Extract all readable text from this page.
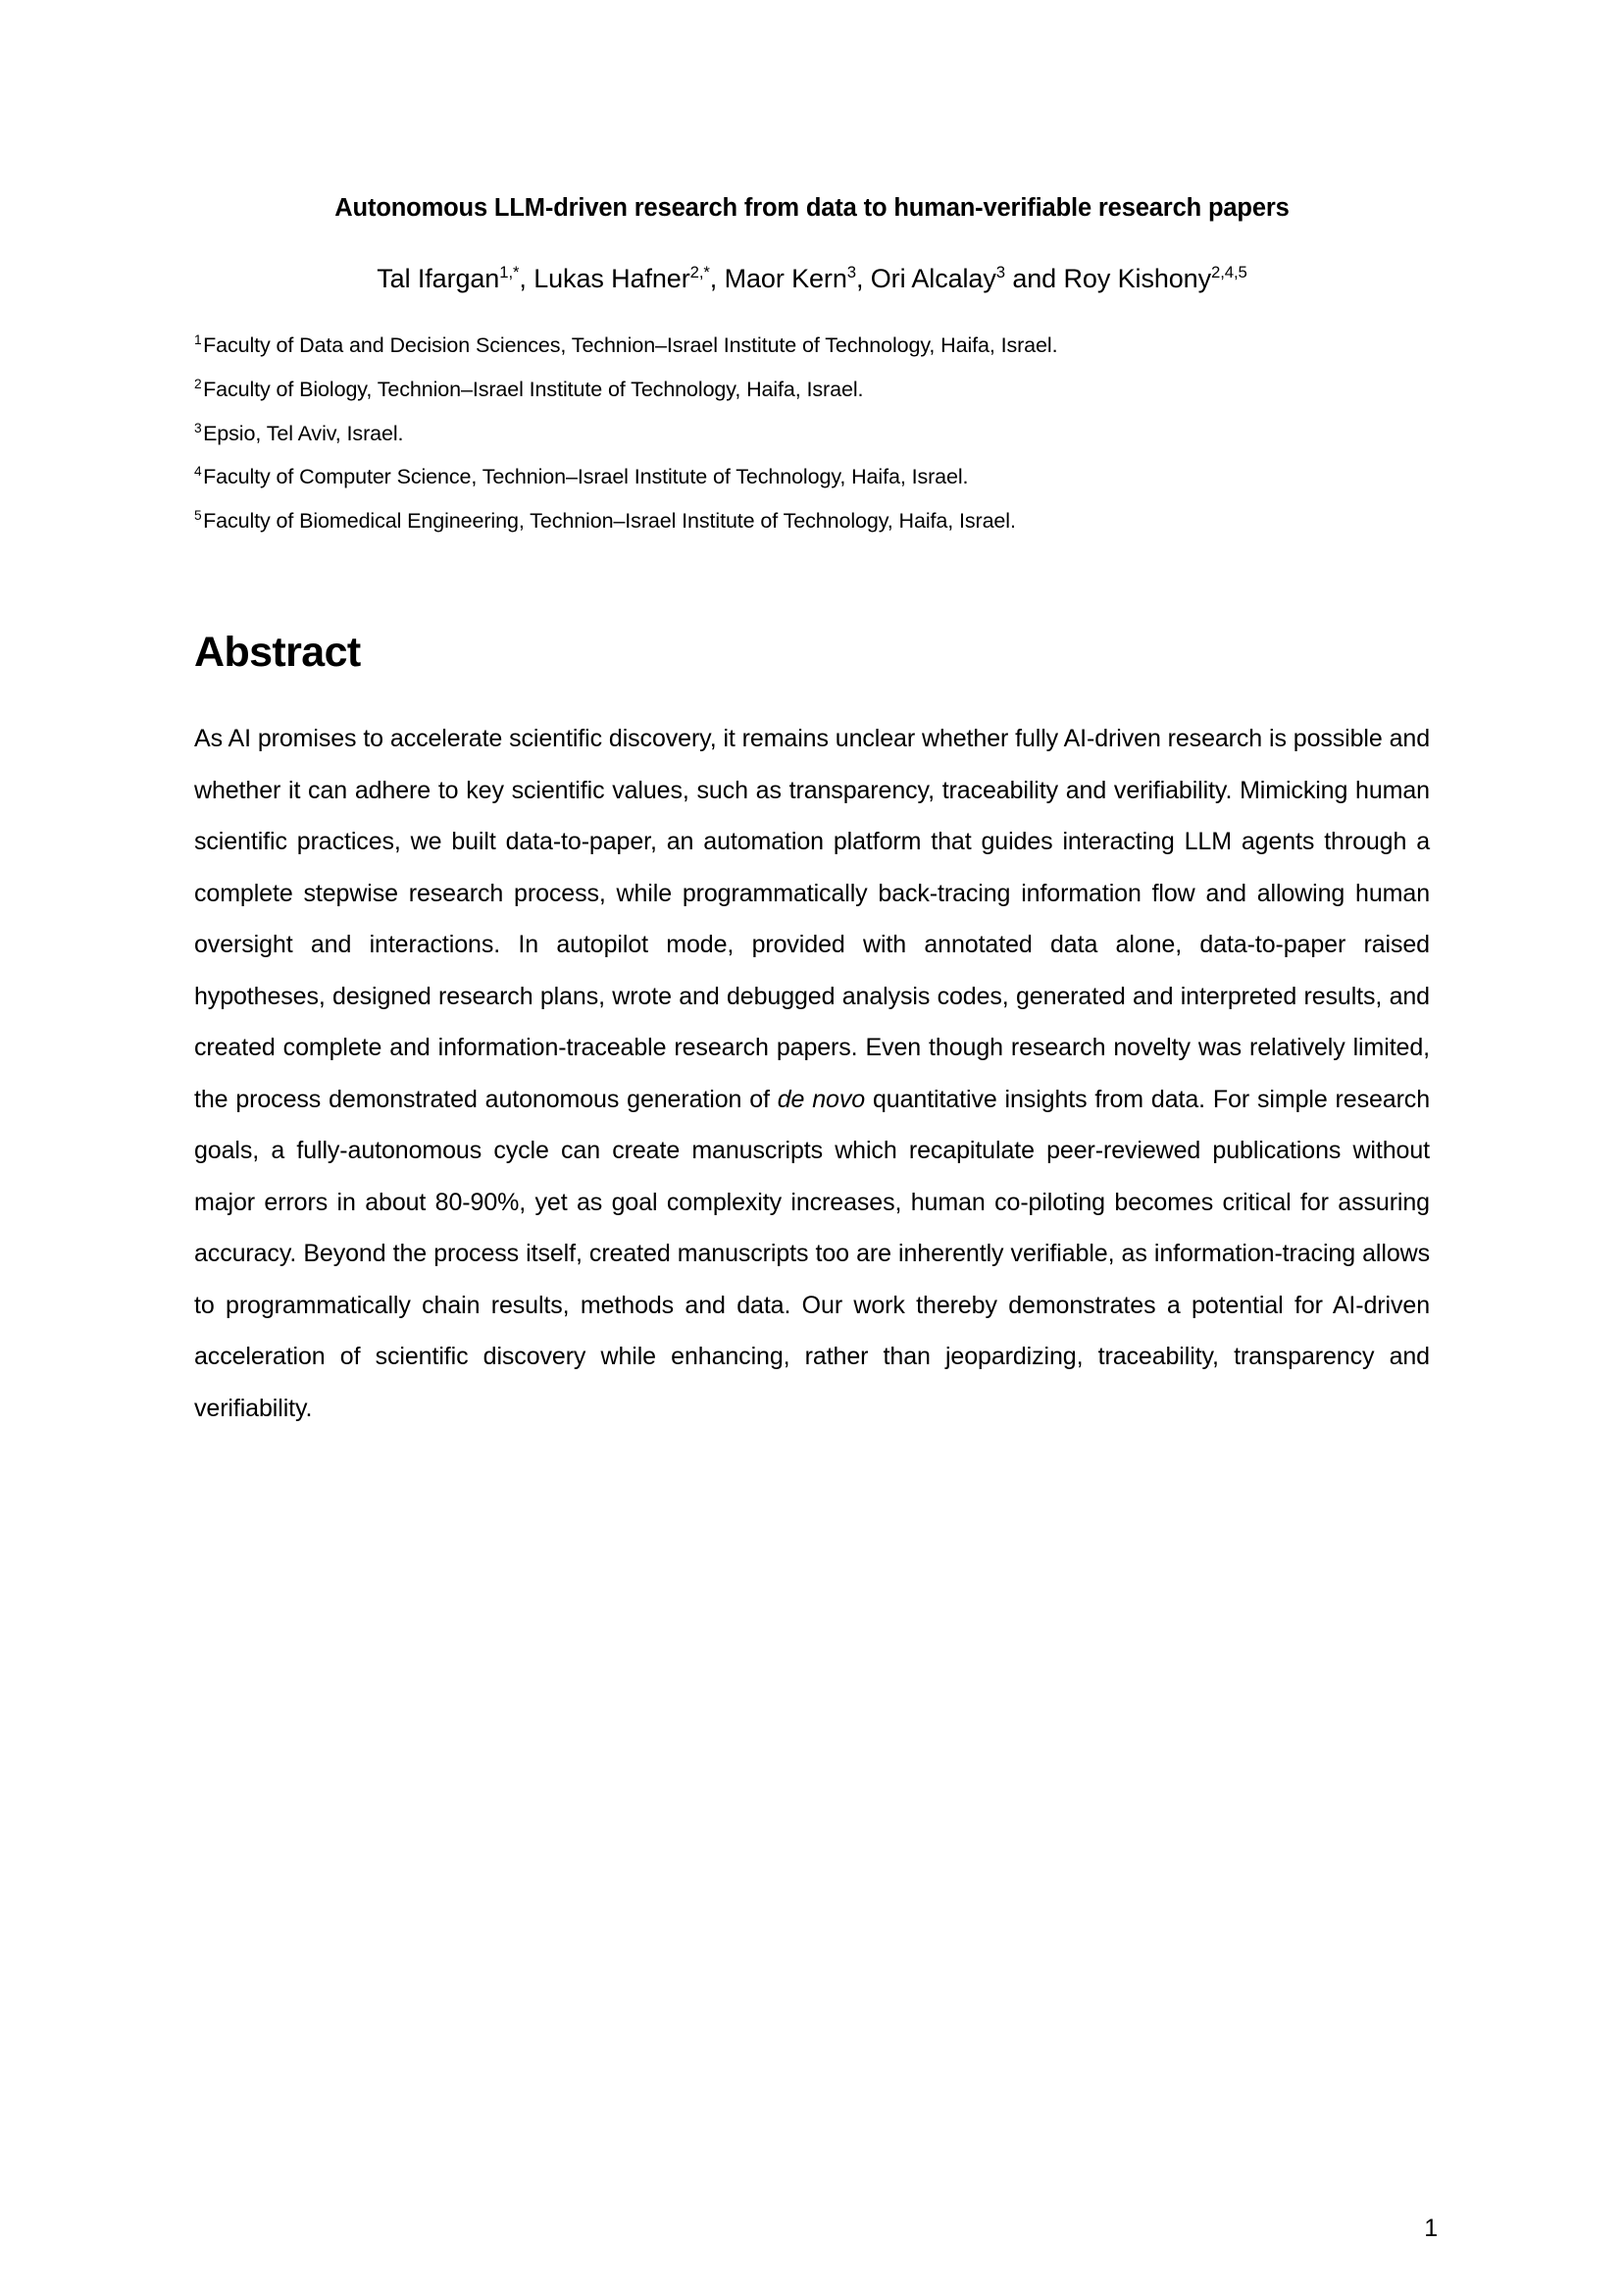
Autonomous LLM-driven research from data to human-verifiable research papers
Tal Ifargan$^{1,*}$, Lukas Hafner$^{2,*}$, Maor Kern$^3$, Ori Alcalay$^3$ and Roy Kishony$^{2,4,5}$
$^1$Faculty of Data and Decision Sciences, Technion–Israel Institute of Technology, Haifa, Israel.
$^2$Faculty of Biology, Technion–Israel Institute of Technology, Haifa, Israel.
$^3$Epsio, Tel Aviv, Israel.
$^4$Faculty of Computer Science, Technion–Israel Institute of Technology, Haifa, Israel.
$^5$Faculty of Biomedical Engineering, Technion–Israel Institute of Technology, Haifa, Israel.
Abstract
As AI promises to accelerate scientific discovery, it remains unclear whether fully AI-driven research is possible and whether it can adhere to key scientific values, such as transparency, traceability and verifiability. Mimicking human scientific practices, we built data-to-paper, an automation platform that guides interacting LLM agents through a complete stepwise research process, while programmatically back-tracing information flow and allowing human oversight and interactions. In autopilot mode, provided with annotated data alone, data-to-paper raised hypotheses, designed research plans, wrote and debugged analysis codes, generated and interpreted results, and created complete and information-traceable research papers. Even though research novelty was relatively limited, the process demonstrated autonomous generation of de novo quantitative insights from data. For simple research goals, a fully-autonomous cycle can create manuscripts which recapitulate peer-reviewed publications without major errors in about 80-90%, yet as goal complexity increases, human co-piloting becomes critical for assuring accuracy. Beyond the process itself, created manuscripts too are inherently verifiable, as information-tracing allows to programmatically chain results, methods and data. Our work thereby demonstrates a potential for AI-driven acceleration of scientific discovery while enhancing, rather than jeopardizing, traceability, transparency and verifiability.
1
